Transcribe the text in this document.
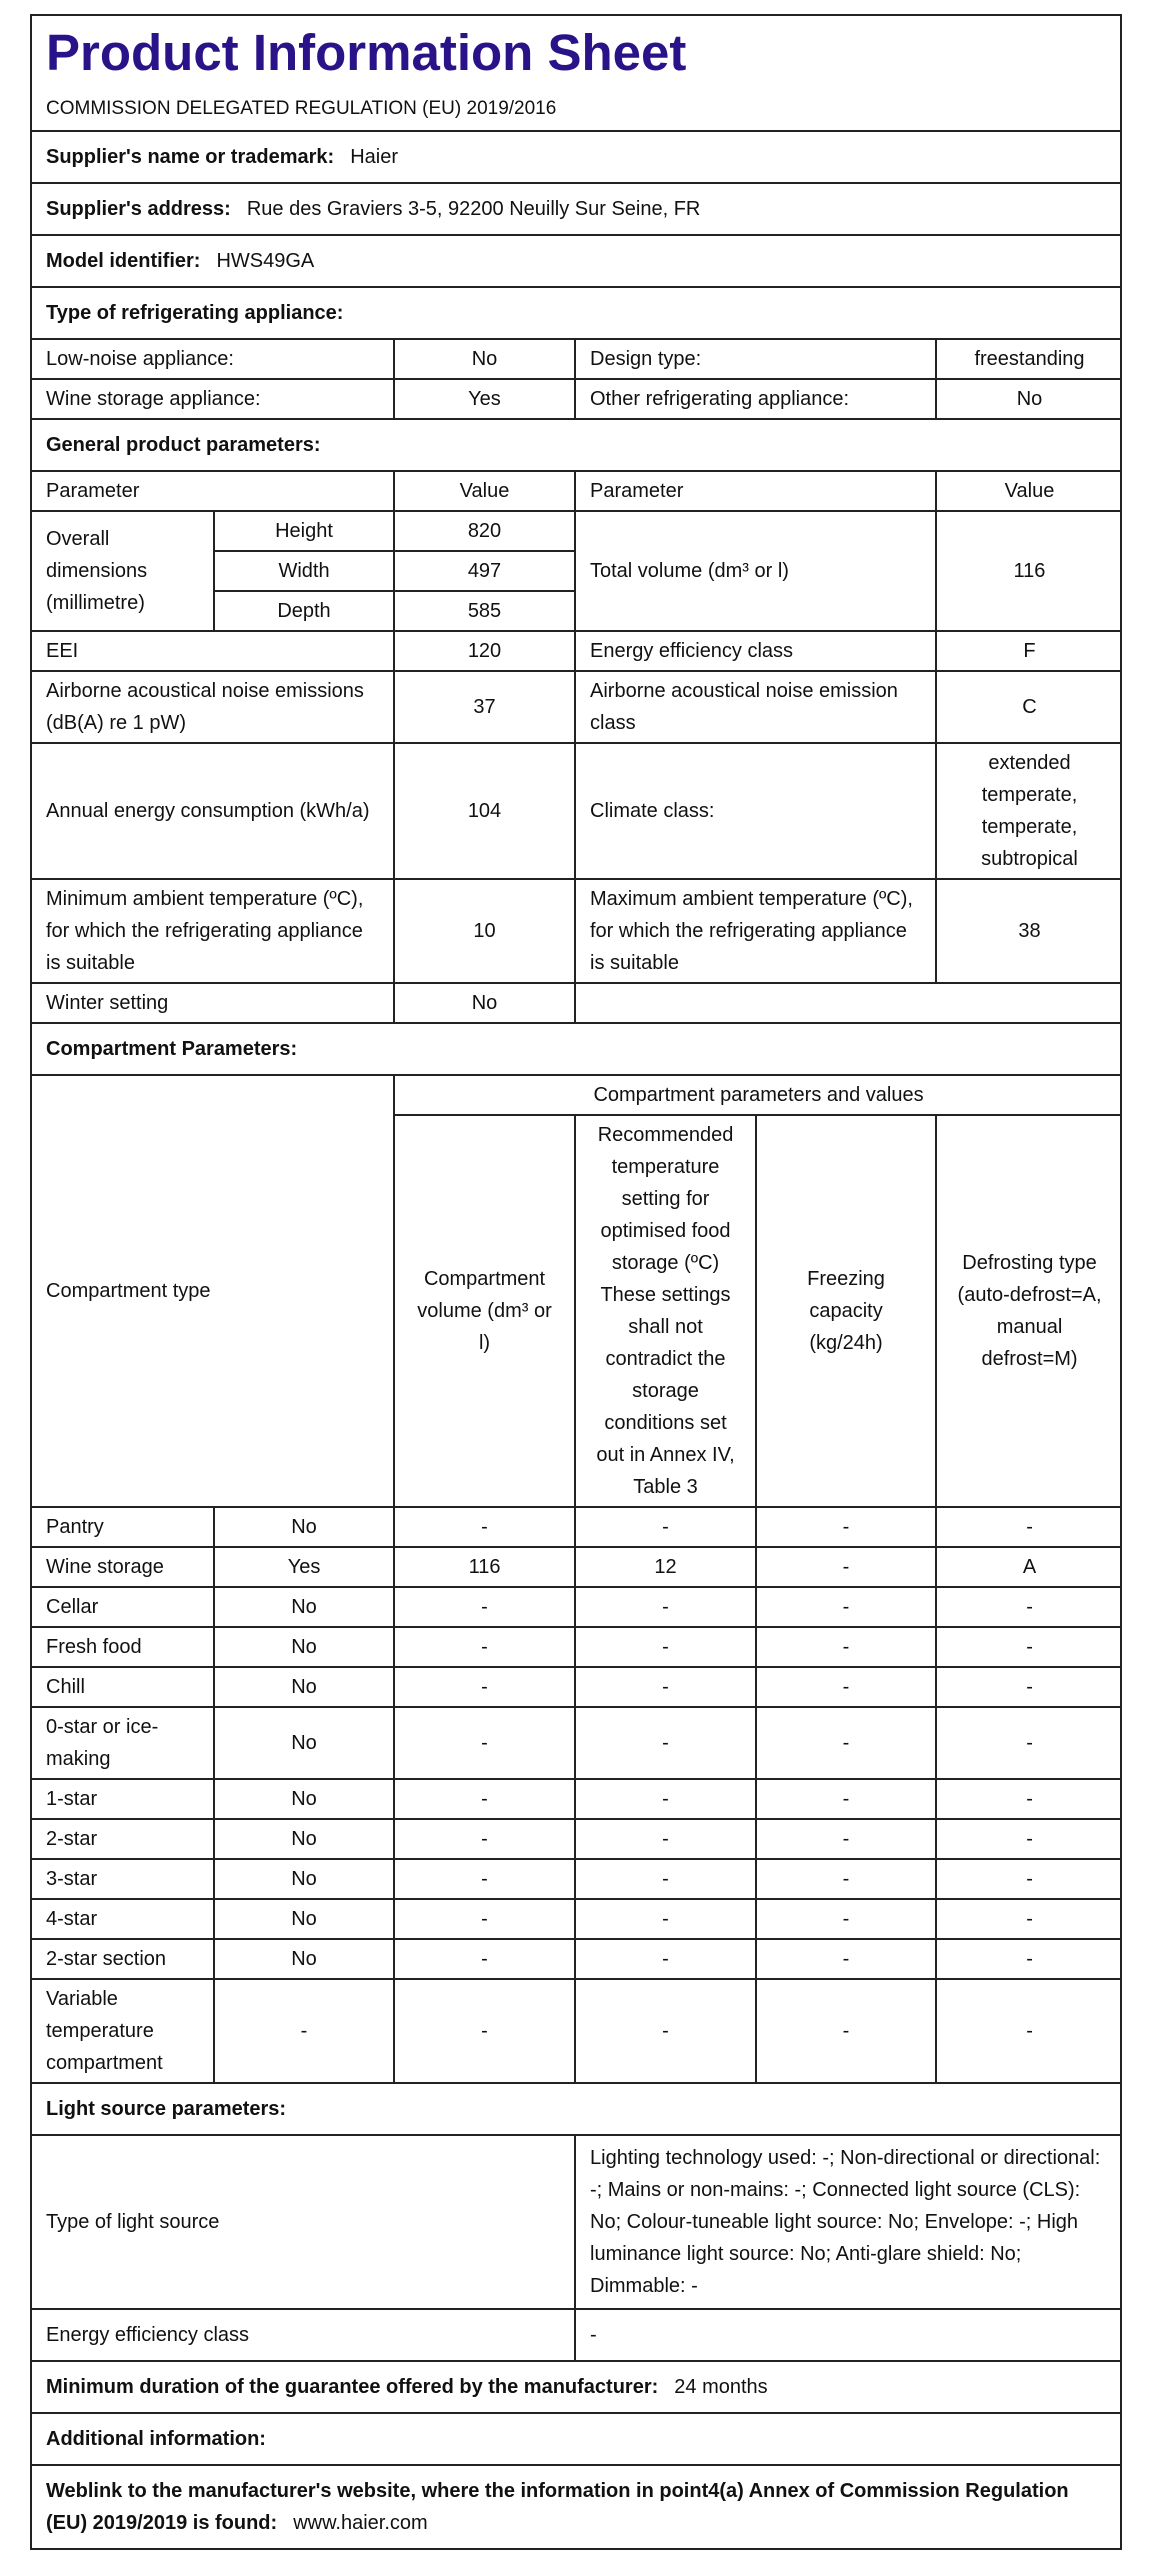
Product Information Sheet
COMMISSION DELEGATED REGULATION (EU) 2019/2016
Supplier's name or trademark: Haier
Supplier's address: Rue des Graviers 3-5, 92200 Neuilly Sur Seine, FR
Model identifier: HWS49GA
Type of refrigerating appliance:
Low-noise appliance:	No	Design type:	freestanding
Wine storage appliance:	Yes	Other refrigerating appliance:	No
General product parameters:			
Parameter		Value	Parameter	Value
Overall dimensions (millimetre)	Height	820	Total volume (dm³ or l)	116
	Width	497		
	Depth	585		
EEI		120	Energy efficiency class	F
Airborne acoustical noise emissions (dB(A) re 1 pW)		37	Airborne acoustical noise emission class	C
Annual energy consumption (kWh/a)		104	Climate class:	extended temperate, temperate, subtropical
Minimum ambient temperature (ºC), for which the refrigerating appliance is suitable		10	Maximum ambient temperature (ºC), for which the refrigerating appliance is suitable	38
Winter setting		No		
Compartment Parameters:				
Compartment type		Compartment parameters and values			
		Compartment volume (dm³ or l)	Recommended temperature setting for optimised food storage (ºC) These settings shall not contradict the storage conditions set out in Annex IV, Table 3	Freezing capacity (kg/24h)	Defrosting type (auto-defrost=A, manual defrost=M)
Pantry	No	-	-	-	-
Wine storage	Yes	116	12	-	A
Cellar	No	-	-	-	-
Fresh food	No	-	-	-	-
Chill	No	-	-	-	-
0-star or ice-making	No	-	-	-	-
1-star	No	-	-	-	-
2-star	No	-	-	-	-
3-star	No	-	-	-	-
4-star	No	-	-	-	-
2-star section	No	-	-	-	-
Variable temperature compartment	-	-	-	-	-
Light source parameters:					
Type of light source	Lighting technology used: -; Non-directional or directional: -; Mains or non-mains: -; Connected light source (CLS): No; Colour-tuneable light source: No; Envelope: -; High luminance light source: No; Anti-glare shield: No; Dimmable: -
Energy efficiency class	-
Minimum duration of the guarantee offered by the manufacturer: 24 months
Additional information:
Weblink to the manufacturer's website, where the information in point4(a) Annex of Commission Regulation (EU) 2019/2019 is found: www.haier.com
